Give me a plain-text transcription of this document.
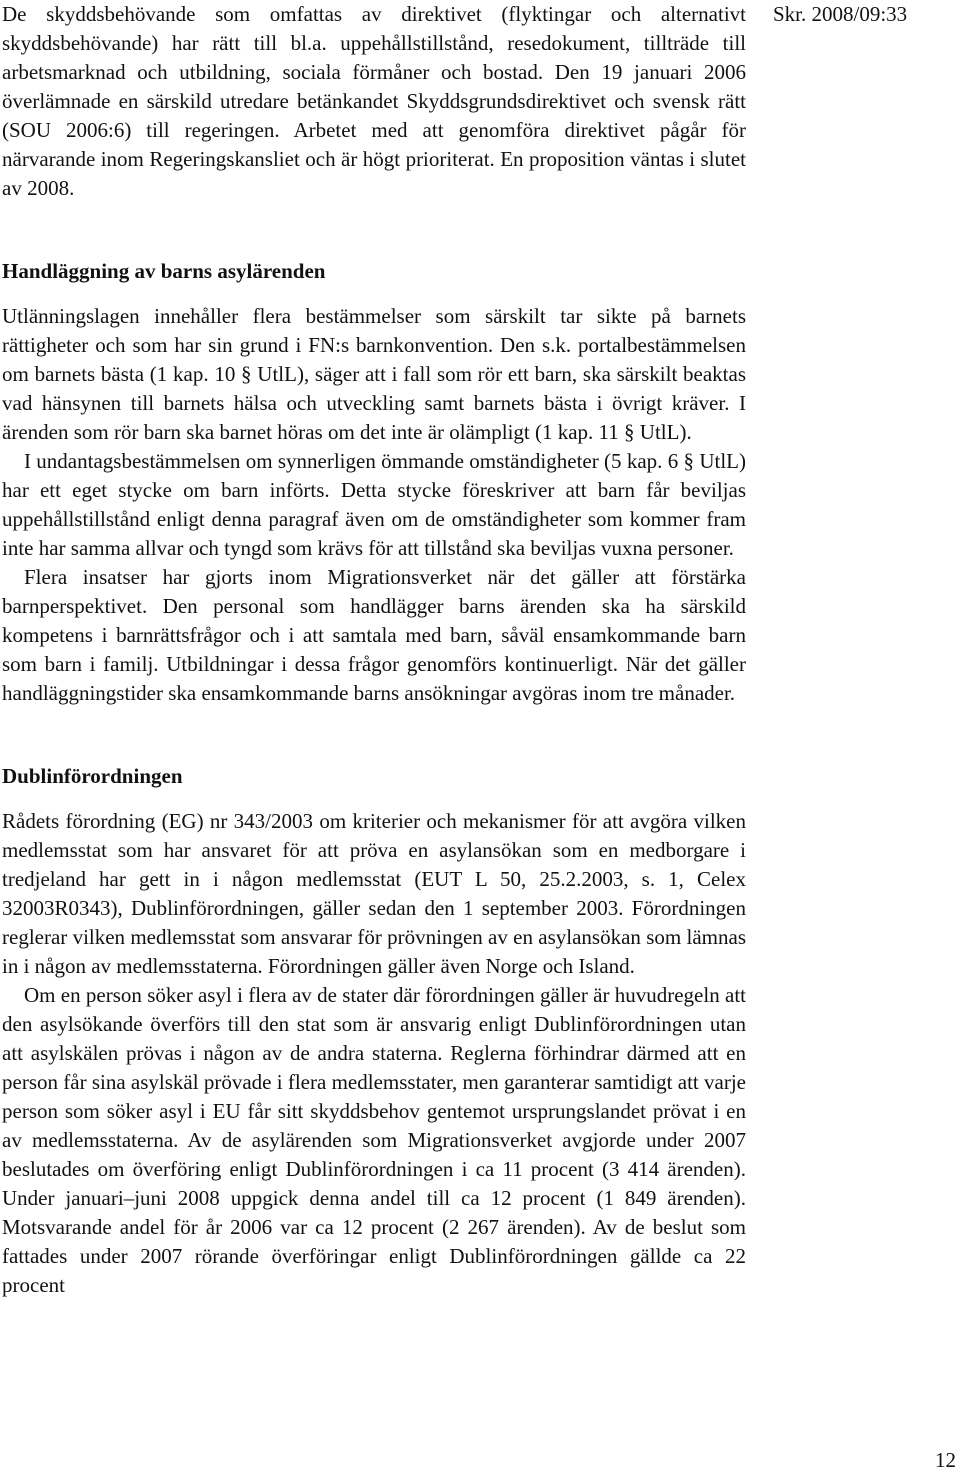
De skyddsbehövande som omfattas av direktivet (flyktingar och alternativt skyddsbehövande) har rätt till bl.a. uppehållstillstånd, resedokument, tillträde till arbetsmarknad och utbildning, sociala förmåner och bostad. Den 19 januari 2006 överlämnade en särskild utredare betänkandet Skyddsgrundsdirektivet och svensk rätt (SOU 2006:6) till regeringen. Arbetet med att genomföra direktivet pågår för närvarande inom Regeringskansliet och är högt prioriterat. En proposition väntas i slutet av 2008.

Handläggning av barns asylärenden

Utlänningslagen innehåller flera bestämmelser som särskilt tar sikte på barnets rättigheter och som har sin grund i FN:s barnkonvention. Den s.k. portalbestämmelsen om barnets bästa (1 kap. 10 § UtlL), säger att i fall som rör ett barn, ska särskilt beaktas vad hänsynen till barnets hälsa och utveckling samt barnets bästa i övrigt kräver. I ärenden som rör barn ska barnet höras om det inte är olämpligt (1 kap. 11 § UtlL).

I undantagsbestämmelsen om synnerligen ömmande omständigheter (5 kap. 6 § UtlL) har ett eget stycke om barn införts. Detta stycke föreskriver att barn får beviljas uppehållstillstånd enligt denna paragraf även om de omständigheter som kommer fram inte har samma allvar och tyngd som krävs för att tillstånd ska beviljas vuxna personer.

Flera insatser har gjorts inom Migrationsverket när det gäller att förstärka barnperspektivet. Den personal som handlägger barns ärenden ska ha särskild kompetens i barnrättsfrågor och i att samtala med barn, såväl ensamkommande barn som barn i familj. Utbildningar i dessa frågor genomförs kontinuerligt. När det gäller handläggningstider ska ensamkommande barns ansökningar avgöras inom tre månader.

Dublinförordningen

Rådets förordning (EG) nr 343/2003 om kriterier och mekanismer för att avgöra vilken medlemsstat som har ansvaret för att pröva en asylansökan som en medborgare i tredjeland har gett in i någon medlemsstat (EUT L 50, 25.2.2003, s. 1, Celex 32003R0343), Dublinförordningen, gäller sedan den 1 september 2003. Förordningen reglerar vilken medlemsstat som ansvarar för prövningen av en asylansökan som lämnas in i någon av medlemsstaterna. Förordningen gäller även Norge och Island.

Om en person söker asyl i flera av de stater där förordningen gäller är huvudregeln att den asylsökande överförs till den stat som är ansvarig enligt Dublinförordningen utan att asylskälen prövas i någon av de andra staterna. Reglerna förhindrar därmed att en person får sina asylskäl prövade i flera medlemsstater, men garanterar samtidigt att varje person som söker asyl i EU får sitt skyddsbehov gentemot ursprungslandet prövat i en av medlemsstaterna. Av de asylärenden som Migrationsverket avgjorde under 2007 beslutades om överföring enligt Dublinförordningen i ca 11 procent (3 414 ärenden). Under januari–juni 2008 uppgick denna andel till ca 12 procent (1 849 ärenden). Motsvarande andel för år 2006 var ca 12 procent (2 267 ärenden). Av de beslut som fattades under 2007 rörande överföringar enligt Dublinförordningen gällde ca 22 procent

Skr. 2008/09:33
12
